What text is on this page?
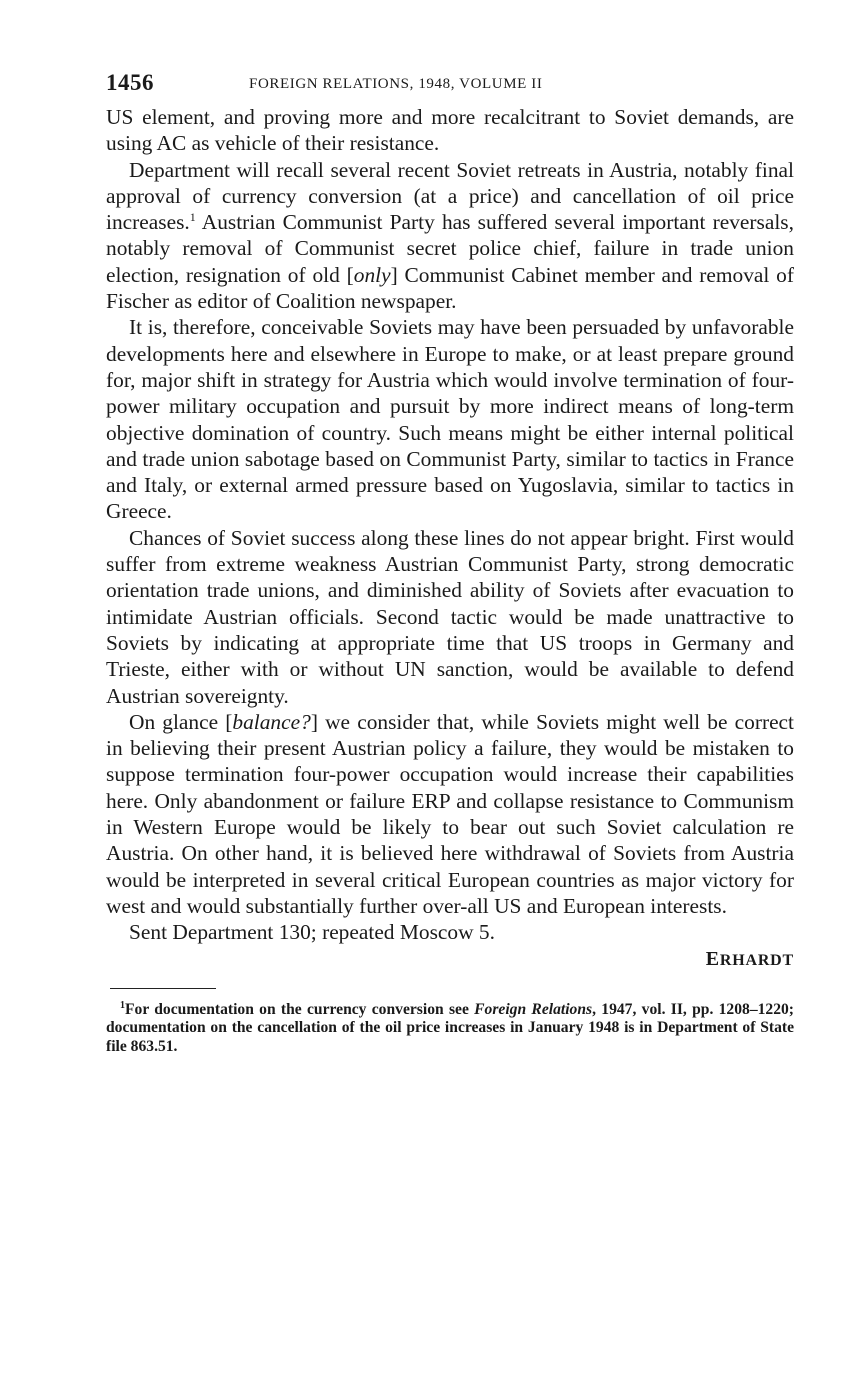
1456	FOREIGN RELATIONS, 1948, VOLUME II

US element, and proving more and more recalcitrant to Soviet demands, are using AC as vehicle of their resistance.

Department will recall several recent Soviet retreats in Austria, notably final approval of currency conversion (at a price) and cancellation of oil price increases.$^1$ Austrian Communist Party has suffered several important reversals, notably removal of Communist secret police chief, failure in trade union election, resignation of old [only] Communist Cabinet member and removal of Fischer as editor of Coalition newspaper.

It is, therefore, conceivable Soviets may have been persuaded by unfavorable developments here and elsewhere in Europe to make, or at least prepare ground for, major shift in strategy for Austria which would involve termination of four-power military occupation and pursuit by more indirect means of long-term objective domination of country. Such means might be either internal political and trade union sabotage based on Communist Party, similar to tactics in France and Italy, or external armed pressure based on Yugoslavia, similar to tactics in Greece.

Chances of Soviet success along these lines do not appear bright. First would suffer from extreme weakness Austrian Communist Party, strong democratic orientation trade unions, and diminished ability of Soviets after evacuation to intimidate Austrian officials. Second tactic would be made unattractive to Soviets by indicating at appropriate time that US troops in Germany and Trieste, either with or without UN sanction, would be available to defend Austrian sovereignty.

On glance [balance?] we consider that, while Soviets might well be correct in believing their present Austrian policy a failure, they would be mistaken to suppose termination four-power occupation would increase their capabilities here. Only abandonment or failure ERP and collapse resistance to Communism in Western Europe would be likely to bear out such Soviet calculation re Austria. On other hand, it is believed here withdrawal of Soviets from Austria would be interpreted in several critical European countries as major victory for west and would substantially further over-all US and European interests.

Sent Department 130; repeated Moscow 5.

ERHARDT

$^1$For documentation on the currency conversion see Foreign Relations, 1947, vol. II, pp. 1208–1220; documentation on the cancellation of the oil price increases in January 1948 is in Department of State file 863.51.
